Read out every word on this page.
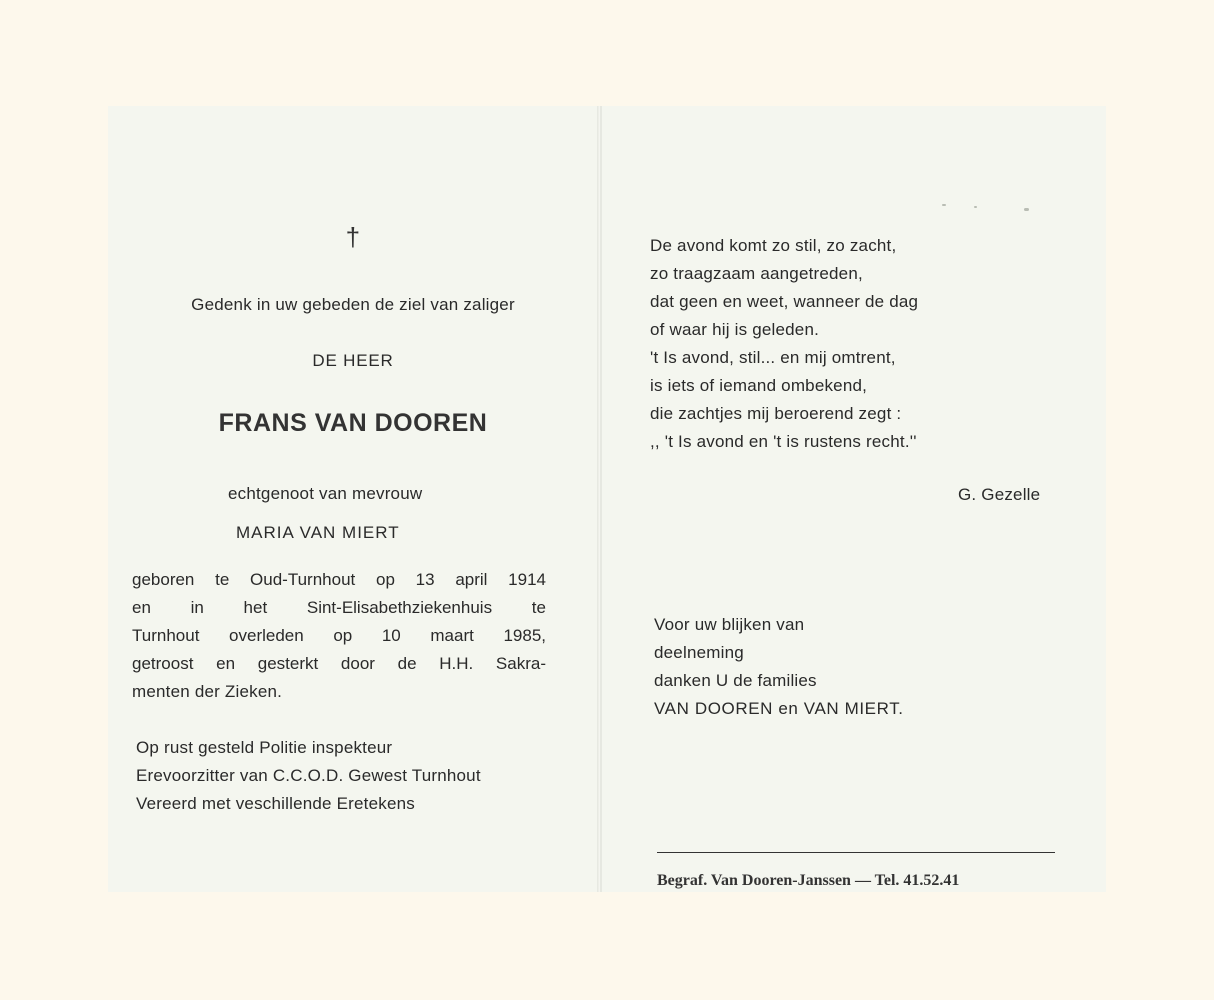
†
Gedenk in uw gebeden de ziel van zaliger
DE HEER
FRANS VAN DOOREN
echtgenoot van mevrouw
MARIA VAN MIERT
geboren te Oud-Turnhout op 13 april 1914
en in het Sint-Elisabethziekenhuis te
Turnhout overleden op 10 maart 1985,
getroost en gesterkt door de H.H. Sakra-
menten der Zieken.
Op rust gesteld Politie inspekteur
Erevoorzitter van C.C.O.D. Gewest Turnhout
Vereerd met veschillende Eretekens
De avond komt zo stil, zo zacht,
zo traagzaam aangetreden,
dat geen en weet, wanneer de dag
of waar hij is geleden.
't Is avond, stil... en mij omtrent,
is iets of iemand ombekend,
die zachtjes mij beroerend zegt :
,, 't Is avond en 't is rustens recht.''
G. Gezelle
Voor uw blijken van
deelneming
danken U de families
VAN DOOREN en VAN MIERT.
Begraf. Van Dooren-Janssen — Tel. 41.52.41
